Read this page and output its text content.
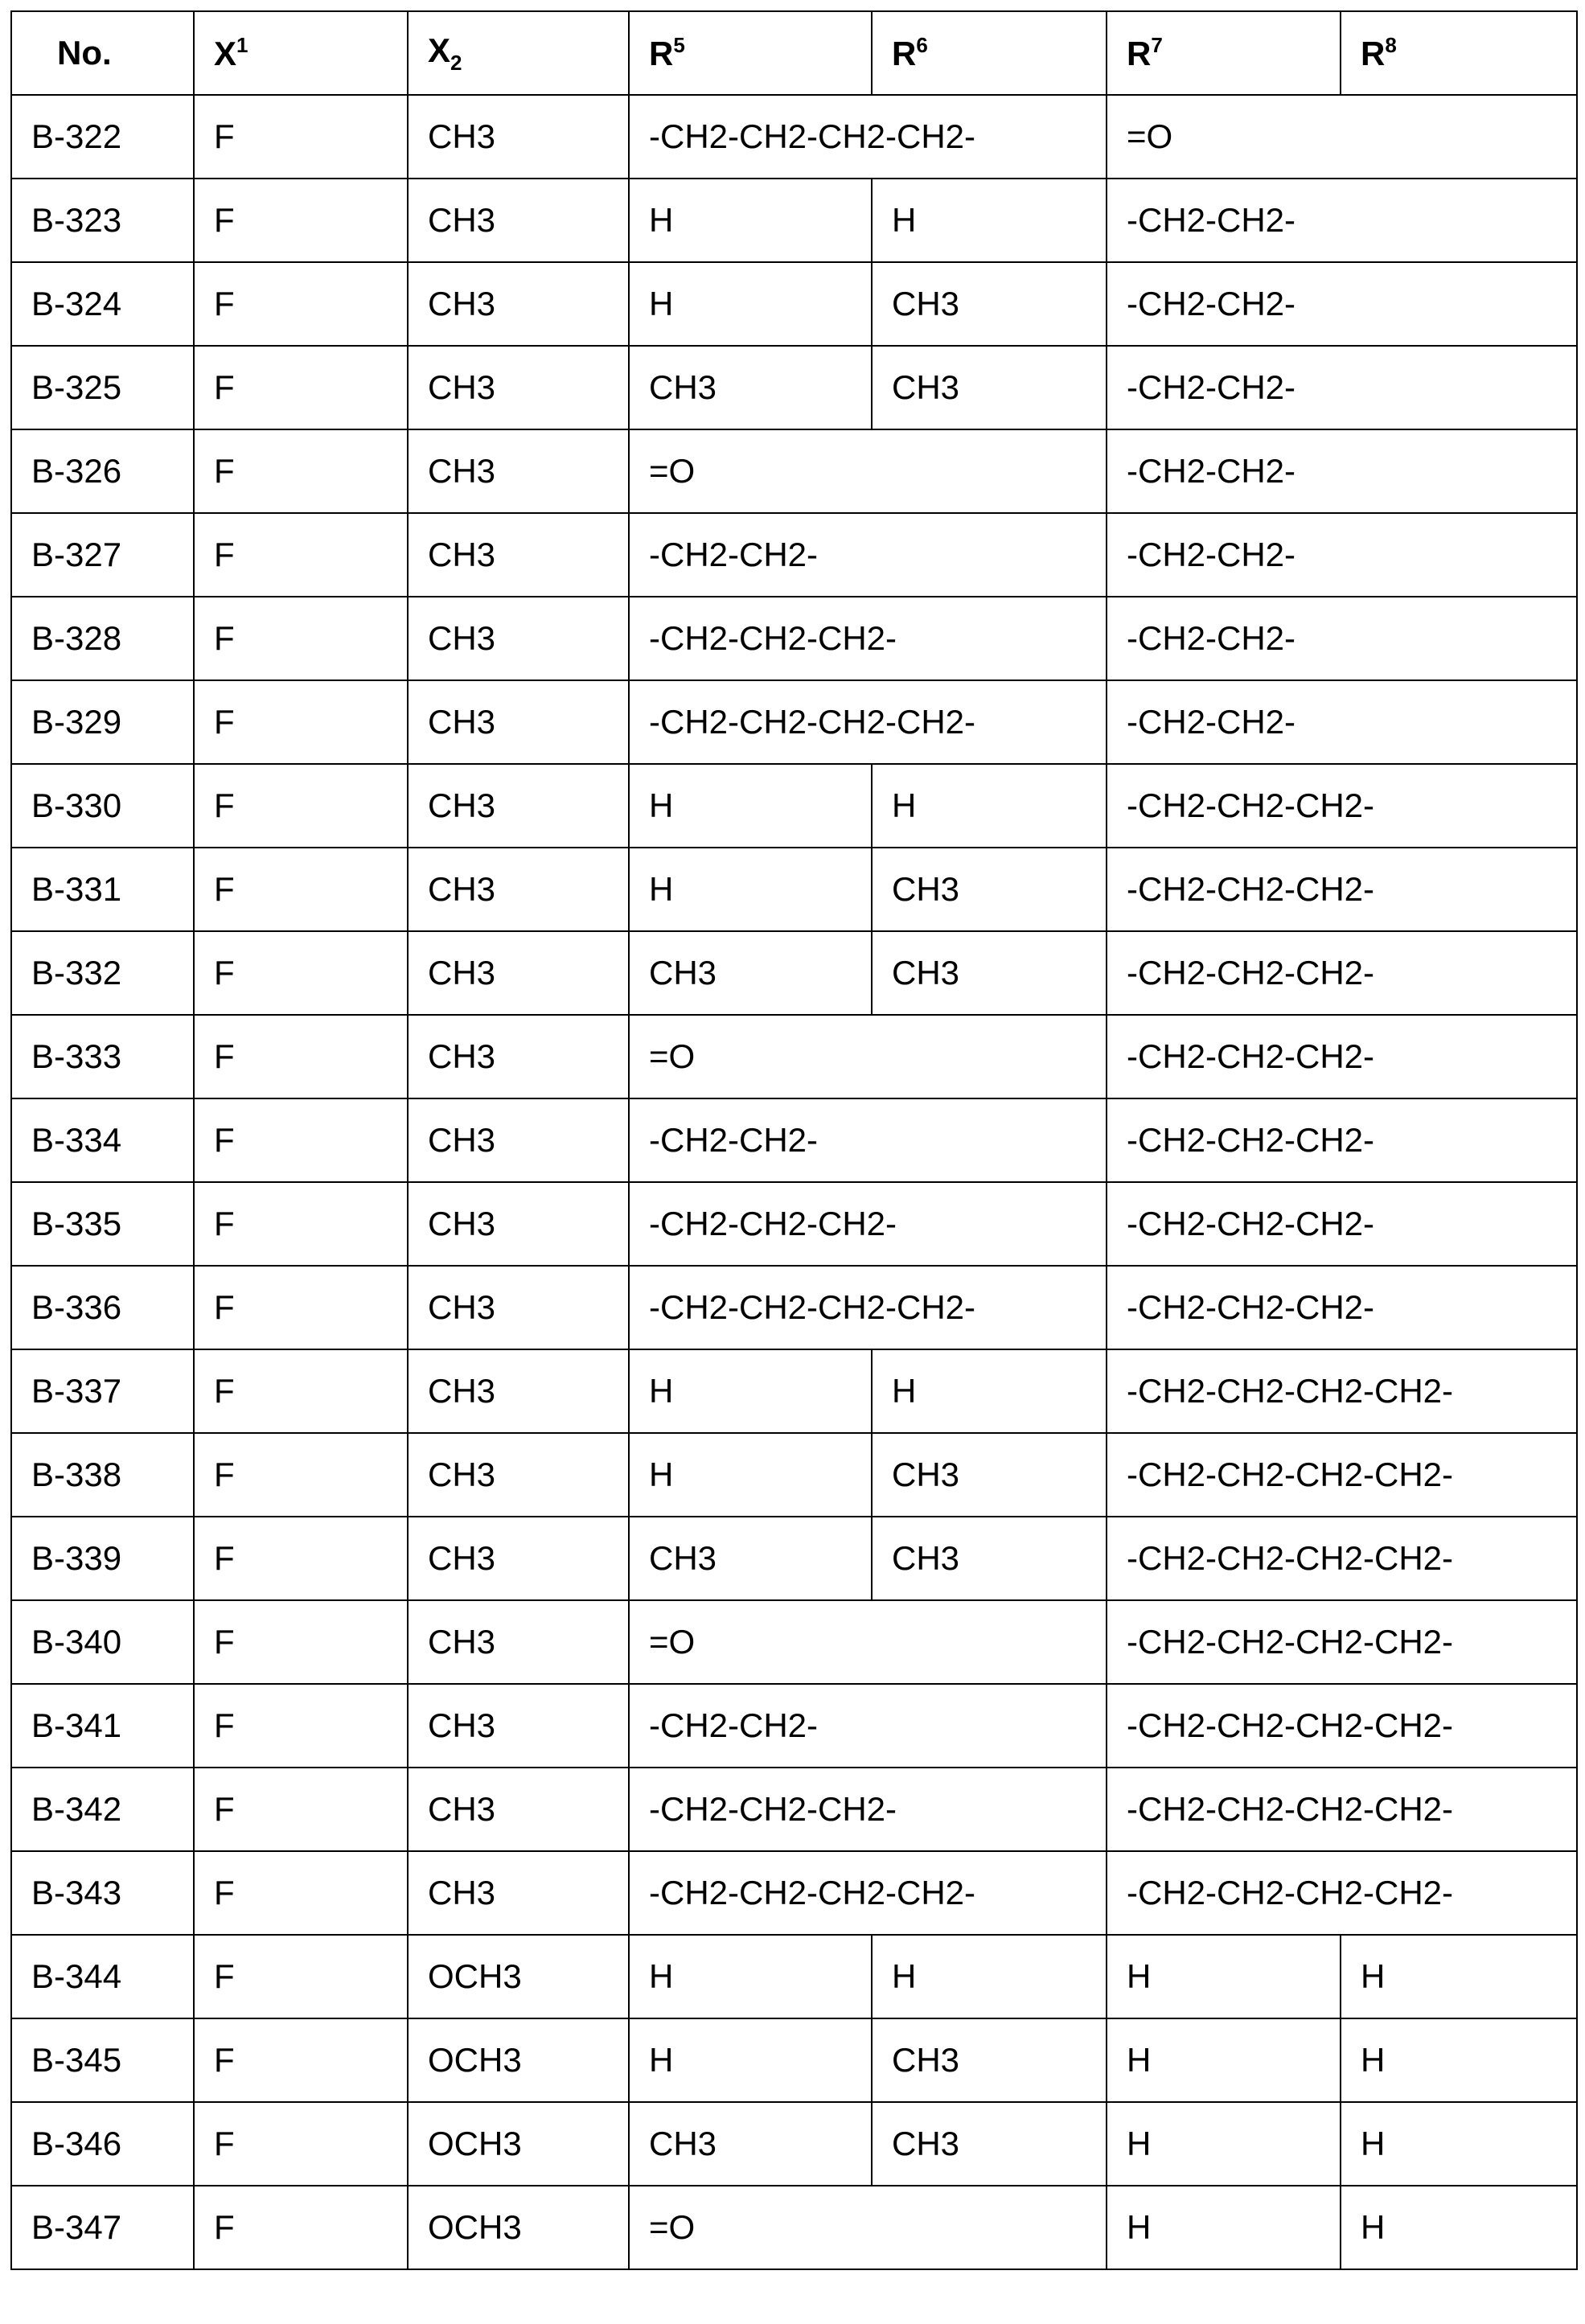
No.	X1	X2	R5	R6	R7	R8
B-322	F	CH3	-CH2-CH2-CH2-CH2-	=O
B-323	F	CH3	H	H	-CH2-CH2-
B-324	F	CH3	H	CH3	-CH2-CH2-
B-325	F	CH3	CH3	CH3	-CH2-CH2-
B-326	F	CH3	=O	-CH2-CH2-
B-327	F	CH3	-CH2-CH2-	-CH2-CH2-
B-328	F	CH3	-CH2-CH2-CH2-	-CH2-CH2-
B-329	F	CH3	-CH2-CH2-CH2-CH2-	-CH2-CH2-
B-330	F	CH3	H	H	-CH2-CH2-CH2-
B-331	F	CH3	H	CH3	-CH2-CH2-CH2-
B-332	F	CH3	CH3	CH3	-CH2-CH2-CH2-
B-333	F	CH3	=O	-CH2-CH2-CH2-
B-334	F	CH3	-CH2-CH2-	-CH2-CH2-CH2-
B-335	F	CH3	-CH2-CH2-CH2-	-CH2-CH2-CH2-
B-336	F	CH3	-CH2-CH2-CH2-CH2-	-CH2-CH2-CH2-
B-337	F	CH3	H	H	-CH2-CH2-CH2-CH2-
B-338	F	CH3	H	CH3	-CH2-CH2-CH2-CH2-
B-339	F	CH3	CH3	CH3	-CH2-CH2-CH2-CH2-
B-340	F	CH3	=O	-CH2-CH2-CH2-CH2-
B-341	F	CH3	-CH2-CH2-	-CH2-CH2-CH2-CH2-
B-342	F	CH3	-CH2-CH2-CH2-	-CH2-CH2-CH2-CH2-
B-343	F	CH3	-CH2-CH2-CH2-CH2-	-CH2-CH2-CH2-CH2-
B-344	F	OCH3	H	H	H	H
B-345	F	OCH3	H	CH3	H	H
B-346	F	OCH3	CH3	CH3	H	H
B-347	F	OCH3	=O	H	H
